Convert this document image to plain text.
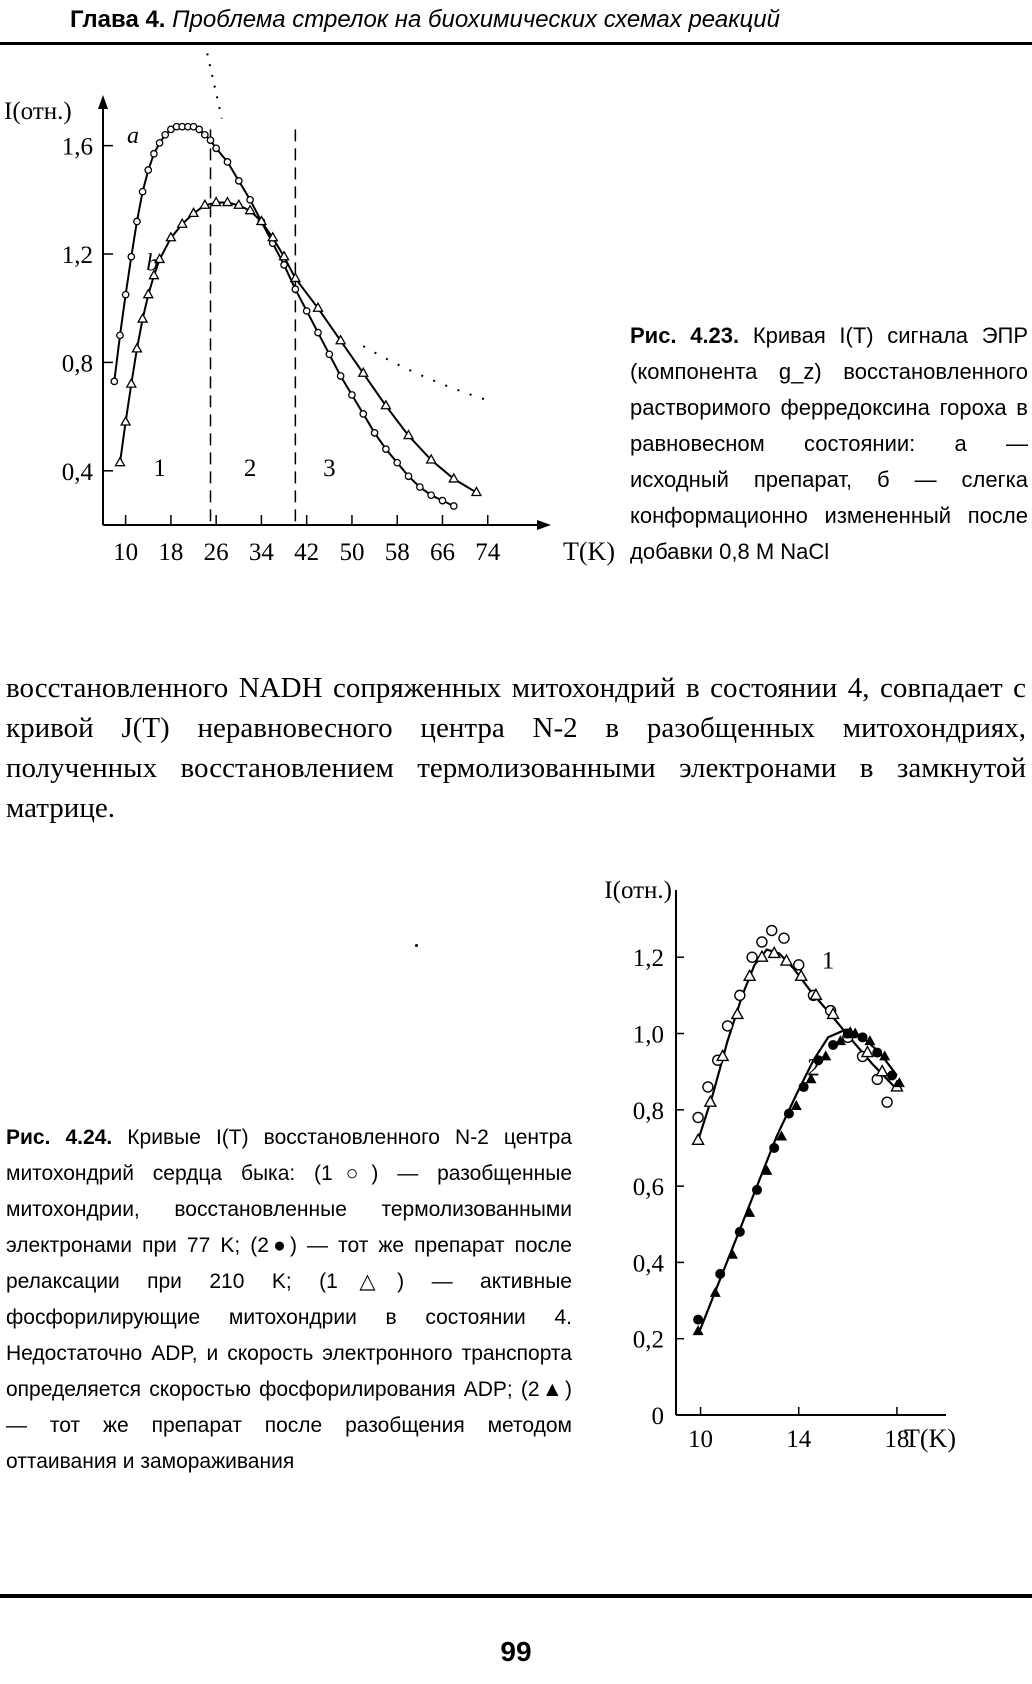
Глава 4. Проблема стрелок на биохимических схемах реакций
10 18 26 34 42 50 58 66 74
0,4
0,8
1,2
1,6
I(отн.)
T(K)
1	2	3
a
b
Рис. 4.23. Кривая I(T) сигнала ЭПР (компонента g_z) восстановленного растворимого ферредоксина гороха в равновесном состоянии: a — исходный препарат, б — слегка конформационно измененный после добавки 0,8 M NaCl
восстановленного NADH сопряженных митохондрий в состоянии 4, совпадает с кривой J(T) неравновесного центра N-2 в разобщенных митохондриях, полученных восстановлением термолизованными электронами в замкнутой матрице.
10	14	18
0
0,2
0,4
0,6
0,8
1,0
1,2
I(отн.)
T(K)
1
2
Рис. 4.24. Кривые I(T) восстановленного N-2 центра митохондрий сердца быка: (1○) — разобщенные митохондрии, восстановленные термолизованными электронами при 77 K; (2●) — тот же препарат после релаксации при 210 K; (1△) — активные фосфорилирующие митохондрии в состоянии 4. Недостаточно ADP, и скорость электронного транспорта определяется скоростью фосфорилирования ADP; (2▲) — тот же препарат после разобщения методом оттаивания и замораживания
99
